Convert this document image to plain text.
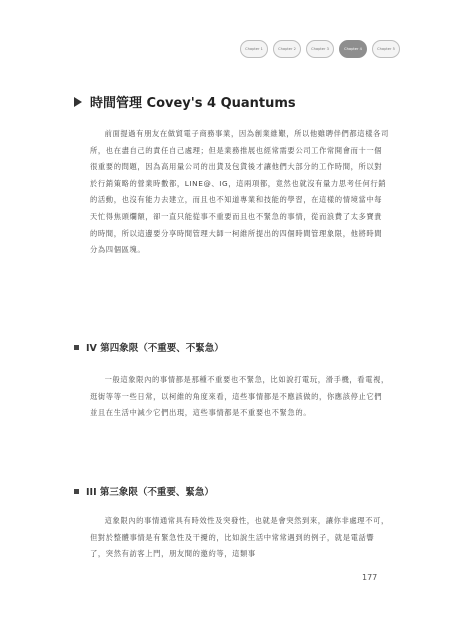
Chapter 1	Chapter 2	Chapter 3	Chapter 4	Chapter 5
時間管理 Covey's 4 Quantums

前面提過有朋友在做貿電子商務事業，因為創業維艱，所以他雖聘伴們都這樣各司所，也在盡自己的責任自己處理；但是業務推展也經常需要公司工作常開會而十一個很重要的問題，因為高用量公司的出貨及包貨後才讓他們大部分的工作時間，所以對於行銷策略的營業時數都，LINE@、IG，這兩項都，竟然也就沒有量力思考任何行銷的活動，也沒有能力去建立，而且也不知道專業和技能的學習，在這樣的情境當中每天忙得焦頭爛額，卻一直只能從事不重要而且也不緊急的事情，從而浪費了太多寶貴的時間，所以這邊要分享時間管理大師一柯維所提出的四個時間管理象限，他將時間分為四個區塊。

IV 第四象限（不重要、不緊急）

一般這象限內的事情都是那種不重要也不緊急，比如說打電玩，滑手機，看電視，逛街等等一些日常，以柯維的角度來看，這些事情都是不應該做的，你應該停止它們並且在生活中減少它們出現，這些事情都是不重要也不緊急的。

III 第三象限（不重要、緊急）

這象限內的事情通常具有時效性及突發性，也就是會突然到來，讓你非處理不可，但對於整體事情是有緊急性及干擾的，比如說生活中常常遇到的例子，就是電話響了，突然有訪客上門，朋友間的邀約等，這類事

177
